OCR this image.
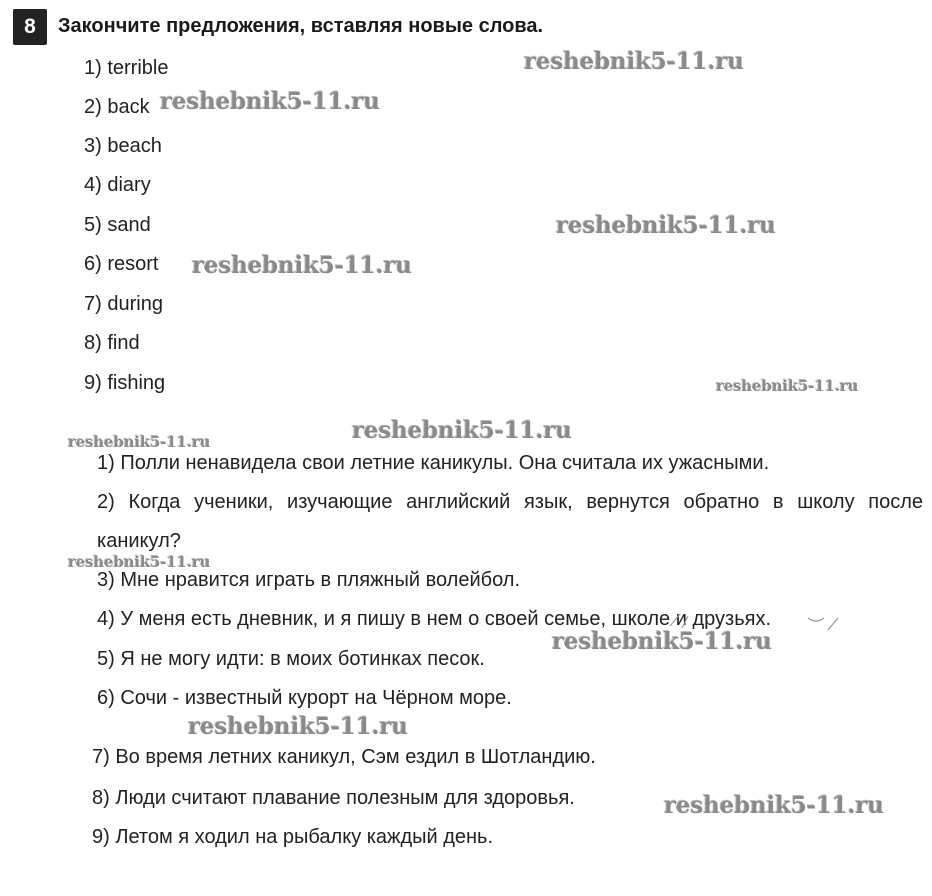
8	Закончите предложения, вставляя новые слова.
1) terrible
2) back
3) beach
4) diary
5) sand
6) resort
7) during
8) find
9) fishing
1) Полли ненавидела свои летние каникулы. Она считала их ужасными.
2) Когда ученики, изучающие английский язык, вернутся обратно в школу после каникул?
3) Мне нравится играть в пляжный волейбол.
4) У меня есть дневник, и я пишу в нем о своей семье, школе и друзьях.
5) Я не могу идти: в моих ботинках песок.
6) Сочи - известный курорт на Чёрном море.
7) Во время летних каникул, Сэм ездил в Шотландию.
8) Люди считают плавание полезным для здоровья.
9) Летом я ходил на рыбалку каждый день.
reshebnik5-11.ru
reshebnik5-11.ru
reshebnik5-11.ru
reshebnik5-11.ru
reshebnik5-11.ru
reshebnik5-11.ru
reshebnik5-11.ru
reshebnik5-11.ru
reshebnik5-11.ru
reshebnik5-11.ru
reshebnik5-11.ru
